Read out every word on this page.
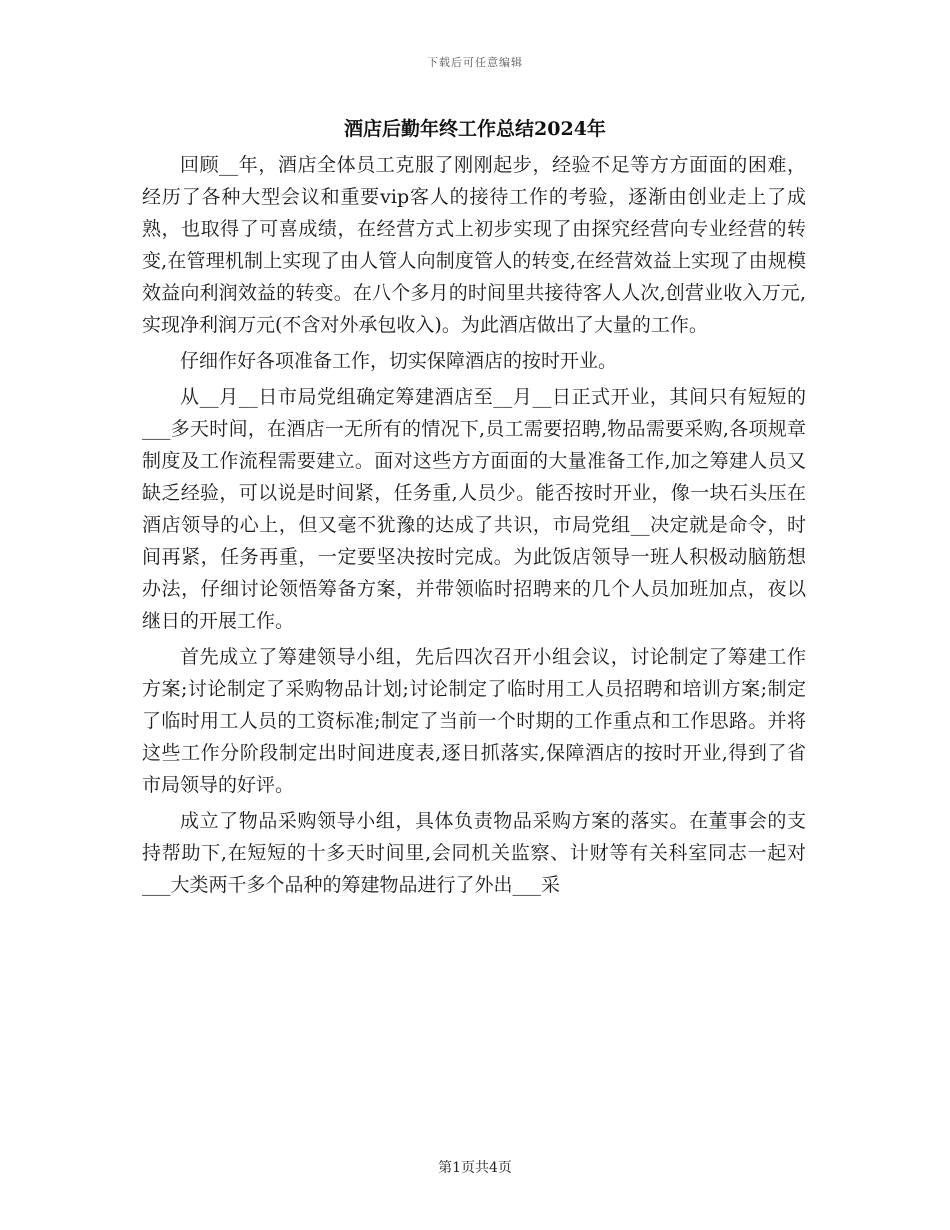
下载后可任意编辑
酒店后勤年终工作总结2024年

回顾__年，酒店全体员工克服了刚刚起步，经验不足等方方面面的困难，经历了各种大型会议和重要vip客人的接待工作的考验，逐渐由创业走上了成熟，也取得了可喜成绩，在经营方式上初步实现了由探究经营向专业经营的转变,在管理机制上实现了由人管人向制度管人的转变,在经营效益上实现了由规模效益向利润效益的转变。在八个多月的时间里共接待客人人次,创营业收入万元,实现净利润万元(不含对外承包收入)。为此酒店做出了大量的工作。

仔细作好各项准备工作，切实保障酒店的按时开业。

从__月__日市局党组确定筹建酒店至__月__日正式开业，其间只有短短的___多天时间，在酒店一无所有的情况下,员工需要招聘,物品需要采购,各项规章制度及工作流程需要建立。面对这些方方面面的大量准备工作,加之筹建人员又缺乏经验，可以说是时间紧，任务重,人员少。能否按时开业，像一块石头压在酒店领导的心上，但又毫不犹豫的达成了共识，市局党组__决定就是命令，时间再紧，任务再重，一定要坚决按时完成。为此饭店领导一班人积极动脑筋想办法，仔细讨论领悟筹备方案，并带领临时招聘来的几个人员加班加点，夜以继日的开展工作。

首先成立了筹建领导小组，先后四次召开小组会议，讨论制定了筹建工作方案;讨论制定了采购物品计划;讨论制定了临时用工人员招聘和培训方案;制定了临时用工人员的工资标准;制定了当前一个时期的工作重点和工作思路。并将这些工作分阶段制定出时间进度表,逐日抓落实,保障酒店的按时开业,得到了省市局领导的好评。

成立了物品采购领导小组，具体负责物品采购方案的落实。在董事会的支持帮助下,在短短的十多天时间里,会同机关监察、计财等有关科室同志一起对___大类两千多个品种的筹建物品进行了外出___采

第1页共4页
